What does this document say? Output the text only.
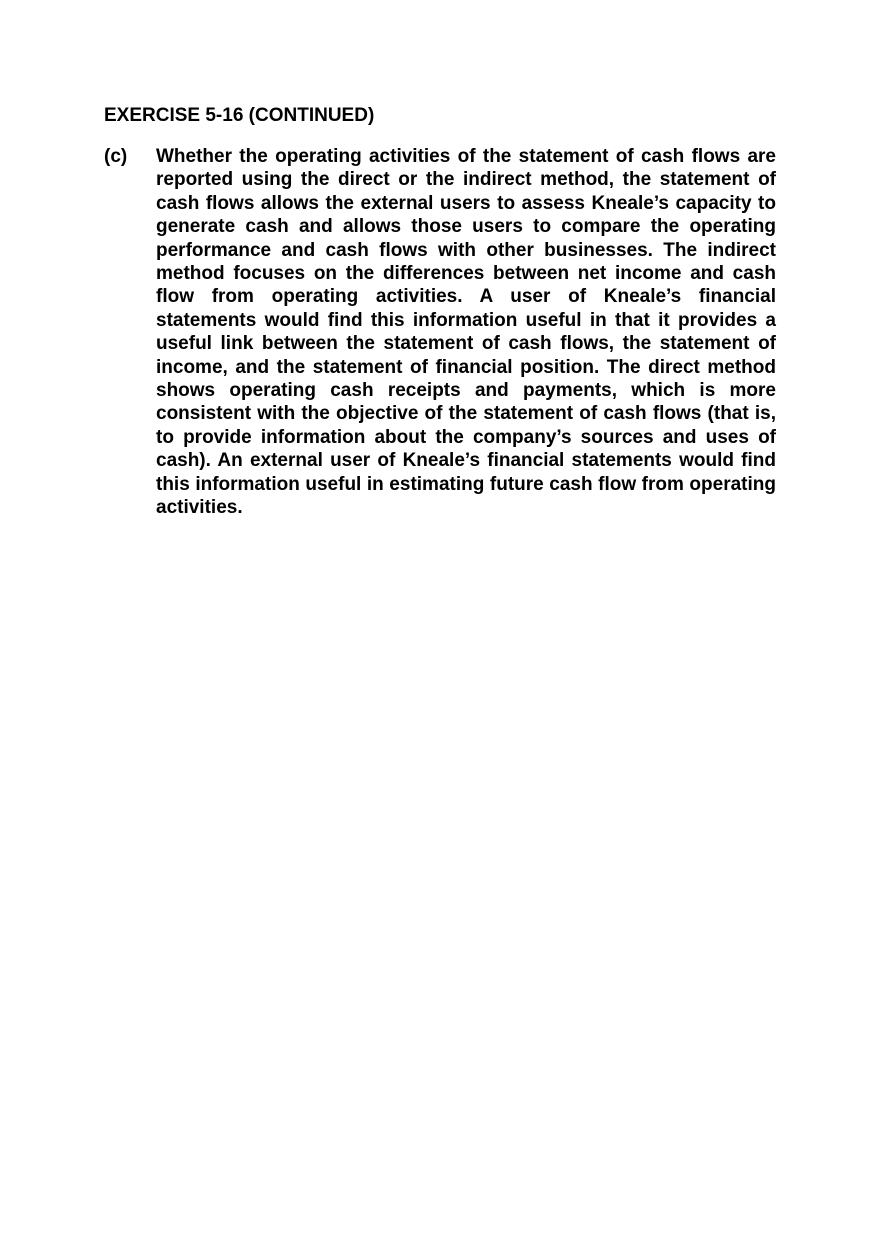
EXERCISE 5-16 (CONTINUED)
(c) Whether the operating activities of the statement of cash flows are reported using the direct or the indirect method, the statement of cash flows allows the external users to assess Kneale’s capacity to generate cash and allows those users to compare the operating performance and cash flows with other businesses. The indirect method focuses on the differences between net income and cash flow from operating activities. A user of Kneale’s financial statements would find this information useful in that it provides a useful link between the statement of cash flows, the statement of income, and the statement of financial position. The direct method shows operating cash receipts and payments, which is more consistent with the objective of the statement of cash flows (that is, to provide information about the company’s sources and uses of cash). An external user of Kneale’s financial statements would find this information useful in estimating future cash flow from operating activities.
